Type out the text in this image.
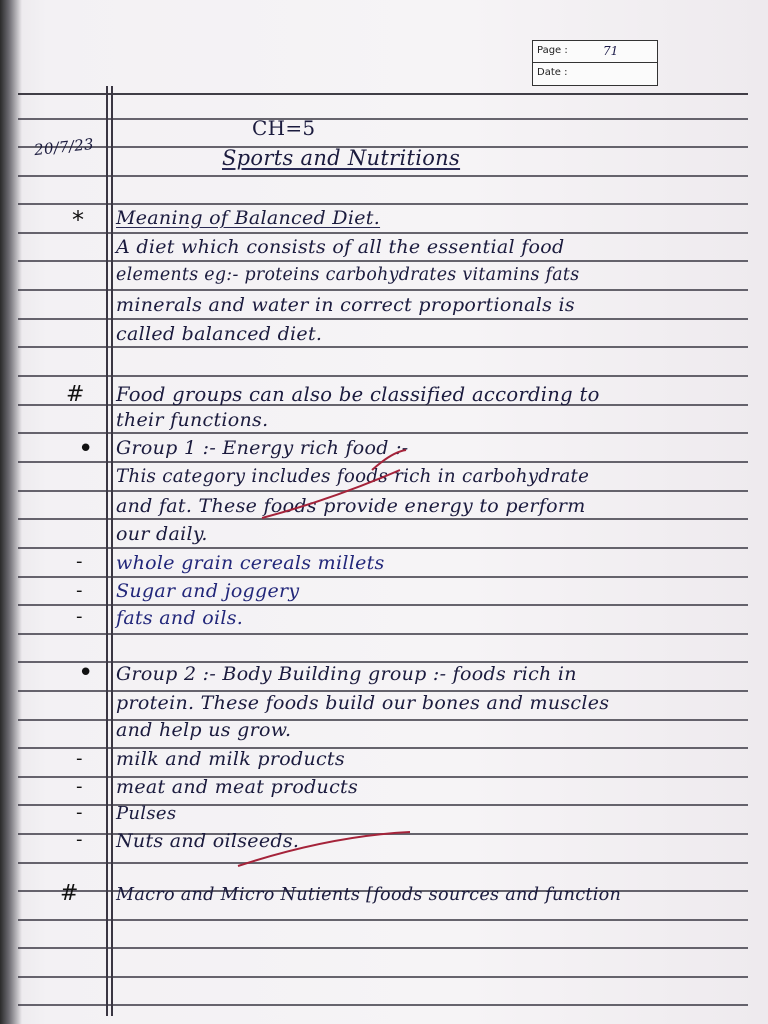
Page :	71
Date :
20/7/23
CH=5
Sports and Nutritions
* Meaning of Balanced Diet.
A diet which consists of all the essential food
elements eg:- proteins carbohydrates vitamins fats
minerals and water in correct proportionals is
called balanced diet.
# Food groups can also be classified according to
their functions.
• Group 1 :- Energy rich food :-
This category includes foods rich in carbohydrate
and fat. These foods provide energy to perform
our daily.
- whole grain cereals millets
- Sugar and joggery
- fats and oils.
• Group 2 :- Body Building group :- foods rich in
protein. These foods build our bones and muscles
and help us grow.
- milk and milk products
- meat and meat products
- Pulses
- Nuts and oilseeds.
# Macro and Micro Nutients [foods sources and function
